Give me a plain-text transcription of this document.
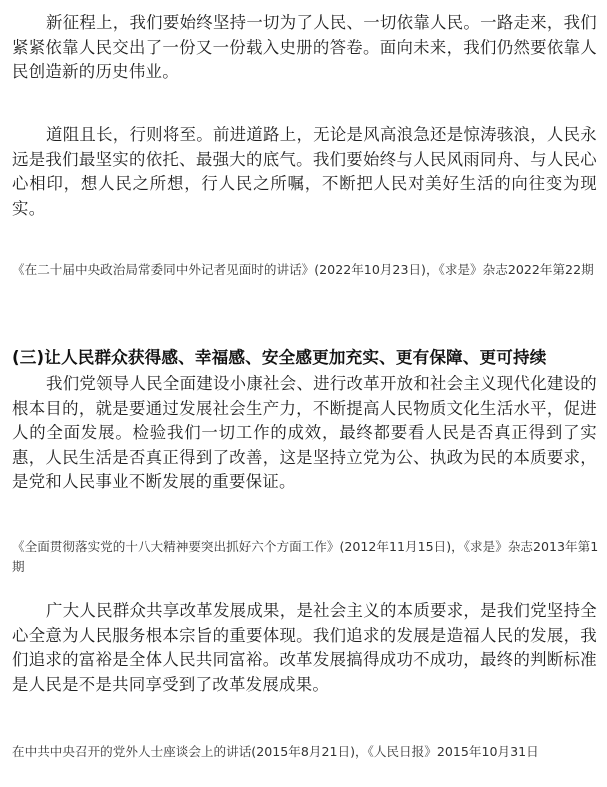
新征程上，我们要始终坚持一切为了人民、一切依靠人民。一路走来，我们紧紧依靠人民交出了一份又一份载入史册的答卷。面向未来，我们仍然要依靠人民创造新的历史伟业。

道阻且长，行则将至。前进道路上，无论是风高浪急还是惊涛骇浪，人民永远是我们最坚实的依托、最强大的底气。我们要始终与人民风雨同舟、与人民心心相印，想人民之所想，行人民之所嘱，不断把人民对美好生活的向往变为现实。

《在二十届中央政治局常委同中外记者见面时的讲话》(2022年10月23日)，《求是》杂志2022年第22期

(三)让人民群众获得感、幸福感、安全感更加充实、更有保障、更可持续

我们党领导人民全面建设小康社会、进行改革开放和社会主义现代化建设的根本目的，就是要通过发展社会生产力，不断提高人民物质文化生活水平，促进人的全面发展。检验我们一切工作的成效，最终都要看人民是否真正得到了实惠，人民生活是否真正得到了改善，这是坚持立党为公、执政为民的本质要求，是党和人民事业不断发展的重要保证。

《全面贯彻落实党的十八大精神要突出抓好六个方面工作》(2012年11月15日)，《求是》杂志2013年第1期

广大人民群众共享改革发展成果，是社会主义的本质要求，是我们党坚持全心全意为人民服务根本宗旨的重要体现。我们追求的发展是造福人民的发展，我们追求的富裕是全体人民共同富裕。改革发展搞得成功不成功，最终的判断标准是人民是不是共同享受到了改革发展成果。

在中共中央召开的党外人士座谈会上的讲话(2015年8月21日)，《人民日报》2015年10月31日
